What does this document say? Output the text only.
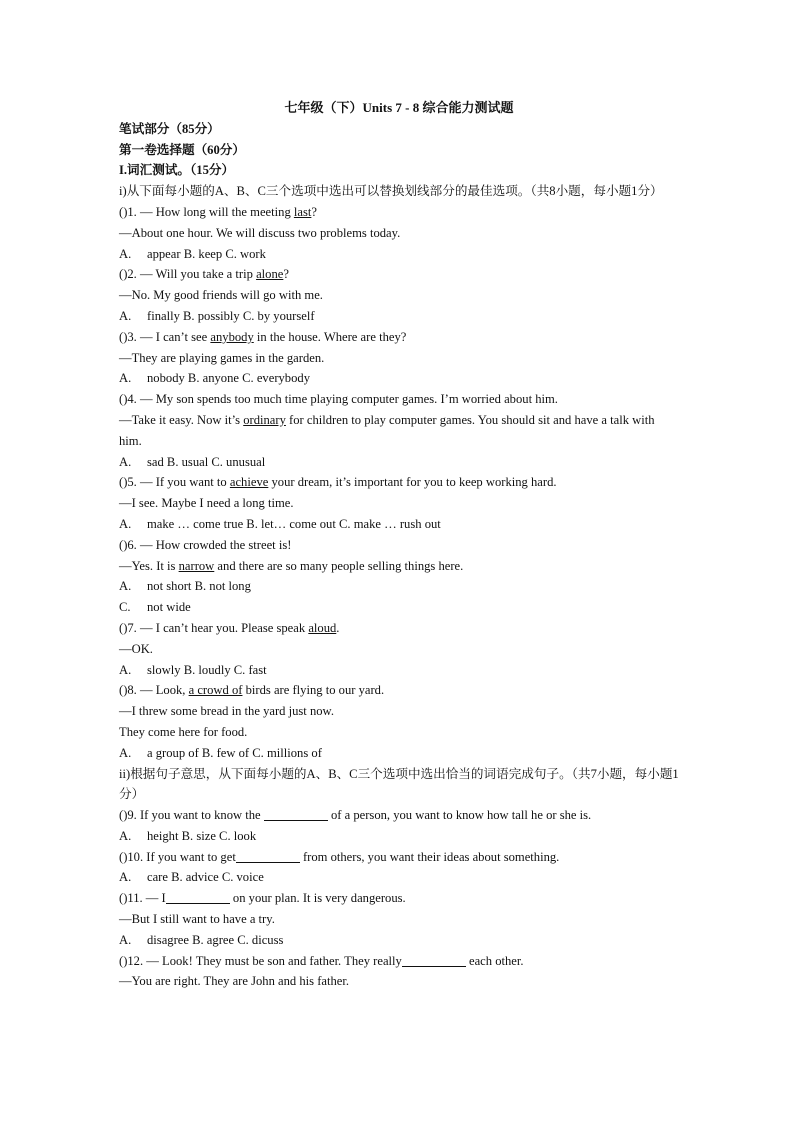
七年级（下）Units 7 - 8 综合能力测试题

笔试部分（85分）

第一卷选择题（60分）

I.词汇测试。（15分）

i)从下面每小题的A、B、C三个选项中选出可以替换划线部分的最佳选项。（共8小题，每小题1分）

()1. — How long will the meeting last?

—About one hour. We will discuss two problems today.

A. appear B. keep C. work

()2. — Will you take a trip alone?

—No. My good friends will go with me.

A. finally B. possibly C. by yourself

()3. — I can’t see anybody in the house. Where are they?

—They are playing games in the garden.

A. nobody B. anyone C. everybody

()4. — My son spends too much time playing computer games. I’m worried about him.

—Take it easy. Now it’s ordinary for children to play computer games. You should sit and have a talk with him.

A. sad B. usual C. unusual

()5. — If you want to achieve your dream, it’s important for you to keep working hard.

—I see. Maybe I need a long time.

A. make … come true B. let… come out C. make … rush out

()6. — How crowded the street is!

—Yes. It is narrow and there are so many people selling things here.

A. not short B. not long

C. not wide

()7. — I can’t hear you. Please speak aloud.

—OK.

A. slowly B. loudly C. fast

()8. — Look, a crowd of birds are flying to our yard.

—I threw some bread in the yard just now.

They come here for food.

A. a group of B. few of C. millions of

ii)根据句子意思，从下面每小题的A、B、C三个选项中选出恰当的词语完成句子。（共7小题，每小题1分）

()9. If you want to know the	of a person, you want to know how tall he or she is.

A. height B. size C. look

()10. If you want to get	from others, you want their ideas about something.

A. care B. advice C. voice

()11. — I	on your plan. It is very dangerous.

—But I still want to have a try.

A. disagree B. agree C. dicuss

()12. — Look! They must be son and father. They really	each other.

—You are right. They are John and his father.
